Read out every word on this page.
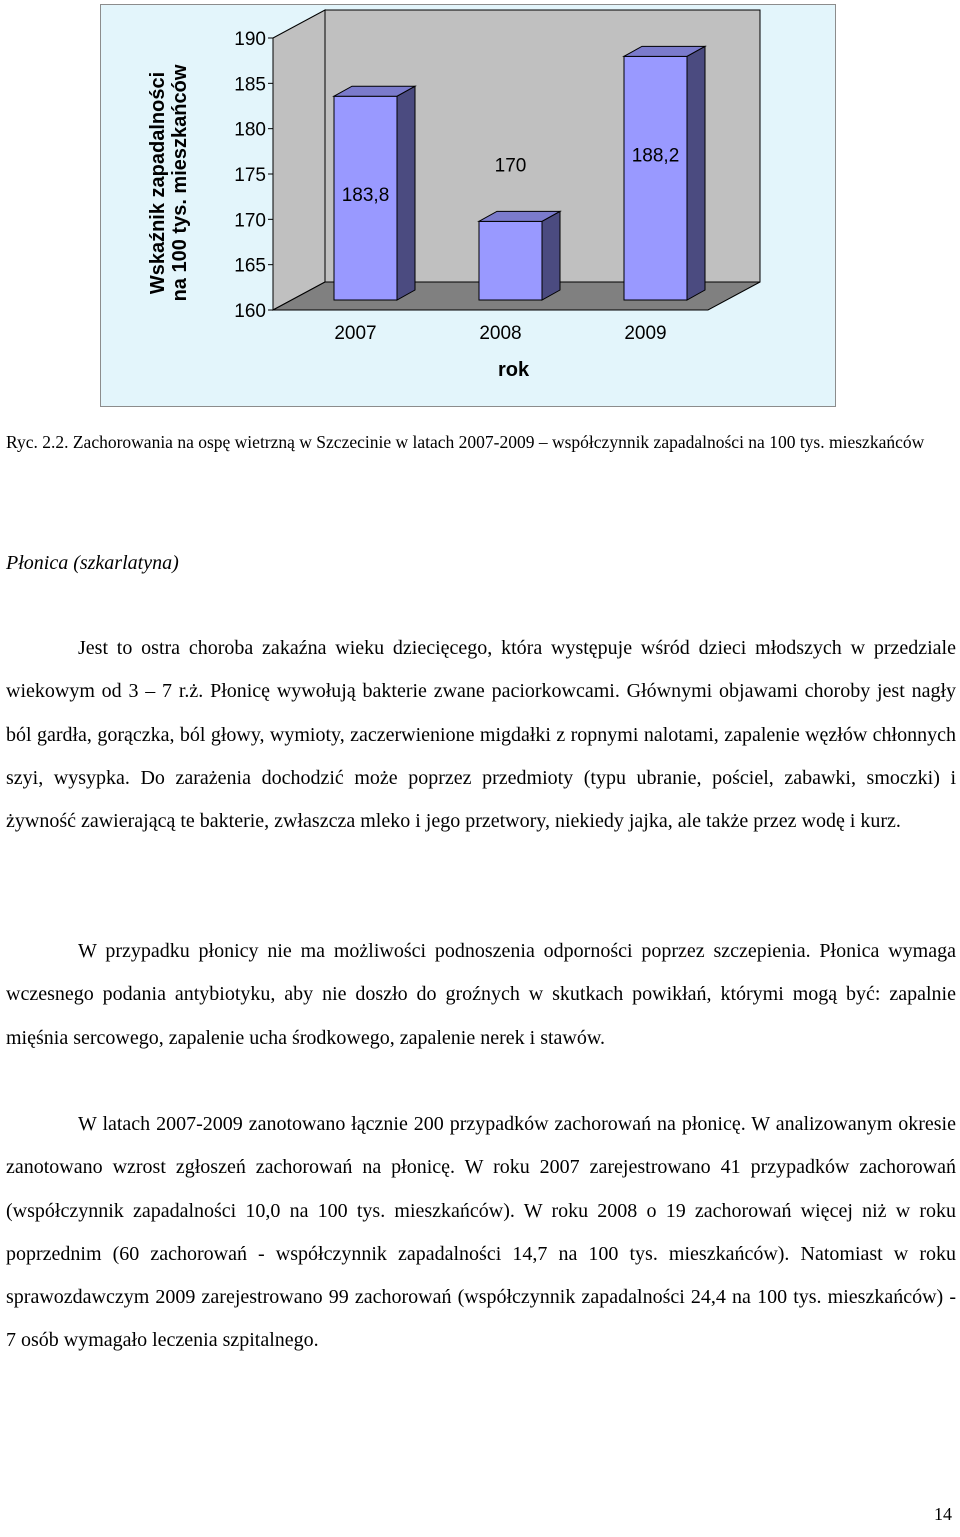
160
165
170
175
180
185
190
183,8
2007
170
2008
188,2
2009
rok
Wskaźnik zapadalności na 100 tys. mieszkańców
Ryc. 2.2. Zachorowania na ospę wietrzną w Szczecinie w latach 2007-2009 – współczynnik zapadalności na 100 tys. mieszkańców
Płonica (szkarlatyna)
Jest to ostra choroba zakaźna wieku dziecięcego, która występuje wśród dzieci młodszych w przedziale wiekowym od 3 – 7 r.ż. Płonicę wywołują bakterie zwane paciorkowcami. Głównymi objawami choroby jest nagły ból gardła, gorączka, ból głowy, wymioty, zaczerwienione migdałki z ropnymi nalotami, zapalenie węzłów chłonnych szyi, wysypka. Do zarażenia dochodzić może poprzez przedmioty (typu ubranie, pościel, zabawki, smoczki) i żywność zawierającą te bakterie, zwłaszcza mleko i jego przetwory, niekiedy jajka, ale także przez wodę i kurz.
W przypadku płonicy nie ma możliwości podnoszenia odporności poprzez szczepienia. Płonica wymaga wczesnego podania antybiotyku, aby nie doszło do groźnych w skutkach powikłań, którymi mogą być: zapalnie mięśnia sercowego, zapalenie ucha środkowego, zapalenie nerek i stawów.
W latach 2007-2009 zanotowano łącznie 200 przypadków zachorowań na płonicę. W analizowanym okresie zanotowano wzrost zgłoszeń zachorowań na płonicę. W roku 2007 zarejestrowano 41 przypadków zachorowań (współczynnik zapadalności 10,0 na 100 tys. mieszkańców). W roku 2008 o 19 zachorowań więcej niż w roku poprzednim (60 zachorowań - współczynnik zapadalności 14,7 na 100 tys. mieszkańców). Natomiast w roku sprawozdawczym 2009 zarejestrowano 99 zachorowań (współczynnik zapadalności 24,4 na 100 tys. mieszkańców) - 7 osób wymagało leczenia szpitalnego.
14
